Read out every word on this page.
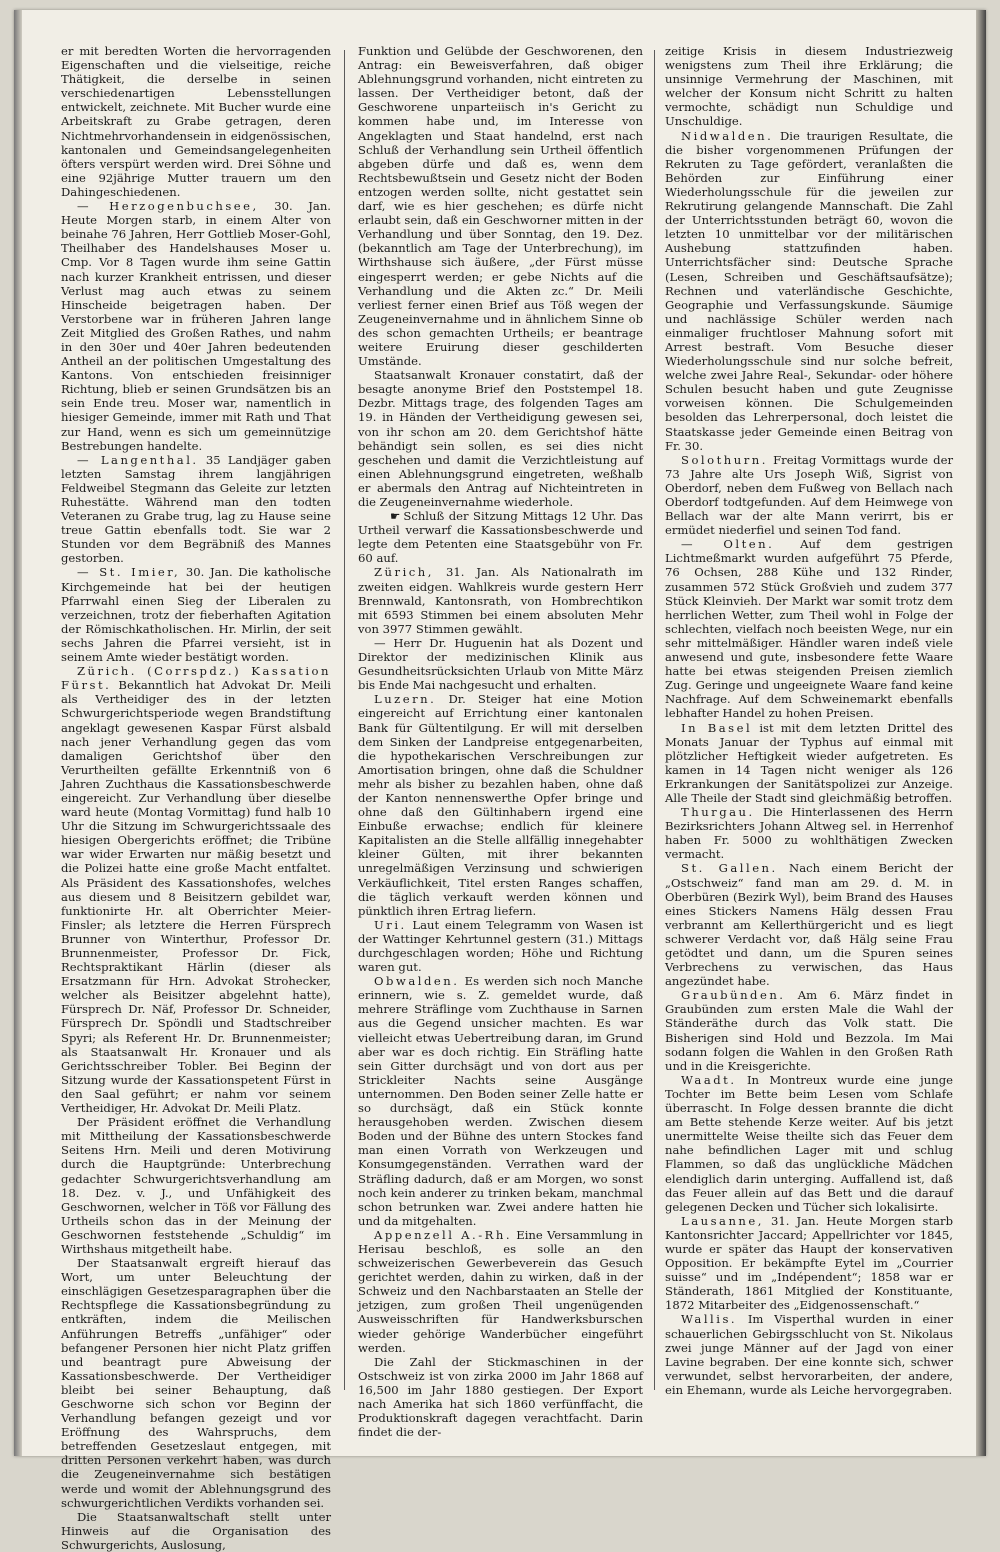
er mit beredten Worten die hervorragenden Eigenschaften und die vielseitige, reiche Thätigkeit, die derselbe in seinen verschiedenartigen Lebensstellungen entwickelt, zeichnete. Mit Bucher wurde eine Arbeitskraft zu Grabe getragen, deren Nichtmehrvorhandensein in eidgenössischen, kantonalen und Gemeindsangelegenheiten öfters verspürt werden wird. Drei Söhne und eine 92jährige Mutter trauern um den Dahingeschiedenen.

— Herzogenbuchsee, 30. Jan. Heute Morgen starb, in einem Alter von beinahe 76 Jahren, Herr Gottlieb Moser-Gohl, Theilhaber des Handelshauses Moser u. Cmp. Vor 8 Tagen wurde ihm seine Gattin nach kurzer Krankheit entrissen, und dieser Verlust mag auch etwas zu seinem Hinscheide beigetragen haben. Der Verstorbene war in früheren Jahren lange Zeit Mitglied des Großen Rathes, und nahm in den 30er und 40er Jahren bedeutenden Antheil an der politischen Umgestaltung des Kantons. Von entschieden freisinniger Richtung, blieb er seinen Grundsätzen bis an sein Ende treu. Moser war, namentlich in hiesiger Gemeinde, immer mit Rath und That zur Hand, wenn es sich um gemeinnützige Bestrebungen handelte.

— Langenthal. 35 Landjäger gaben letzten Samstag ihrem langjährigen Feldweibel Stegmann das Geleite zur letzten Ruhestätte. Während man den todten Veteranen zu Grabe trug, lag zu Hause seine treue Gattin ebenfalls todt. Sie war 2 Stunden vor dem Begräbniß des Mannes gestorben.

— St. Imier, 30. Jan. Die katholische Kirchgemeinde hat bei der heutigen Pfarrwahl einen Sieg der Liberalen zu verzeichnen, trotz der fieberhaften Agitation der Römischkatholischen. Hr. Mirlin, der seit sechs Jahren die Pfarrei versieht, ist in seinem Amte wieder bestätigt worden.

Zürich. (Corrspdz.) Kassation Fürst. Bekanntlich hat Advokat Dr. Meili als Vertheidiger des in der letzten Schwurgerichtsperiode wegen Brandstiftung angeklagt gewesenen Kaspar Fürst alsbald nach jener Verhandlung gegen das vom damaligen Gerichtshof über den Verurtheilten gefällte Erkenntniß von 6 Jahren Zuchthaus die Kassationsbeschwerde eingereicht. Zur Verhandlung über dieselbe ward heute (Montag Vormittag) fund halb 10 Uhr die Sitzung im Schwurgerichtssaale des hiesigen Obergerichts eröffnet; die Tribüne war wider Erwarten nur mäßig besetzt und die Polizei hatte eine große Macht entfaltet. Als Präsident des Kassationshofes, welches aus diesem und 8 Beisitzern gebildet war, funktionirte Hr. alt Oberrichter Meier-Finsler; als letztere die Herren Fürsprech Brunner von Winterthur, Professor Dr. Brunnenmeister, Professor Dr. Fick, Rechtspraktikant Härlin (dieser als Ersatzmann für Hrn. Advokat Strohecker, welcher als Beisitzer abgelehnt hatte), Fürsprech Dr. Näf, Professor Dr. Schneider, Fürsprech Dr. Spöndli und Stadtschreiber Spyri; als Referent Hr. Dr. Brunnenmeister; als Staatsanwalt Hr. Kronauer und als Gerichtsschreiber Tobler. Bei Beginn der Sitzung wurde der Kassationspetent Fürst in den Saal geführt; er nahm vor seinem Vertheidiger, Hr. Advokat Dr. Meili Platz.

Der Präsident eröffnet die Verhandlung mit Mittheilung der Kassationsbeschwerde Seitens Hrn. Meili und deren Motivirung durch die Hauptgründe: Unterbrechung gedachter Schwurgerichtsverhandlung am 18. Dez. v. J., und Unfähigkeit des Geschwornen, welcher in Töß vor Fällung des Urtheils schon das in der Meinung der Geschwornen feststehende „Schuldig“ im Wirthshaus mitgetheilt habe.

Der Staatsanwalt ergreift hierauf das Wort, um unter Beleuchtung der einschlägigen Gesetzesparagraphen über die Rechtspflege die Kassationsbegründung zu entkräften, indem die Meilischen Anführungen Betreffs „unfähiger“ oder befangener Personen hier nicht Platz griffen und beantragt pure Abweisung der Kassationsbeschwerde. Der Vertheidiger bleibt bei seiner Behauptung, daß Geschworne sich schon vor Beginn der Verhandlung befangen gezeigt und vor Eröffnung des Wahrspruchs, dem betreffenden Gesetzeslaut entgegen, mit dritten Personen verkehrt haben, was durch die Zeugeneinvernahme sich bestätigen werde und womit der Ablehnungsgrund des schwurgerichtlichen Verdikts vorhanden sei.

Die Staatsanwaltschaft stellt unter Hinweis auf die Organisation des Schwurgerichts, Auslosung,

Funktion und Gelübde der Geschworenen, den Antrag: ein Beweisverfahren, daß obiger Ablehnungsgrund vorhanden, nicht eintreten zu lassen. Der Vertheidiger betont, daß der Geschworene unparteiisch in's Gericht zu kommen habe und, im Interesse von Angeklagten und Staat handelnd, erst nach Schluß der Verhandlung sein Urtheil öffentlich abgeben dürfe und daß es, wenn dem Rechtsbewußtsein und Gesetz nicht der Boden entzogen werden sollte, nicht gestattet sein darf, wie es hier geschehen; es dürfe nicht erlaubt sein, daß ein Geschworner mitten in der Verhandlung und über Sonntag, den 19. Dez. (bekanntlich am Tage der Unterbrechung), im Wirthshause sich äußere, „der Fürst müsse eingesperrt werden; er gebe Nichts auf die Verhandlung und die Akten zc.“ Dr. Meili verliest ferner einen Brief aus Töß wegen der Zeugeneinvernahme und in ähnlichem Sinne ob des schon gemachten Urtheils; er beantrage weitere Eruirung dieser geschilderten Umstände.

Staatsanwalt Kronauer constatirt, daß der besagte anonyme Brief den Poststempel 18. Dezbr. Mittags trage, des folgenden Tages am 19. in Händen der Vertheidigung gewesen sei, von ihr schon am 20. dem Gerichtshof hätte behändigt sein sollen, es sei dies nicht geschehen und damit die Verzichtleistung auf einen Ablehnungsgrund eingetreten, weßhalb er abermals den Antrag auf Nichteintreten in die Zeugeneinvernahme wiederhole.

☛ Schluß der Sitzung Mittags 12 Uhr. Das Urtheil verwarf die Kassationsbeschwerde und legte dem Petenten eine Staatsgebühr von Fr. 60 auf.

Zürich, 31. Jan. Als Nationalrath im zweiten eidgen. Wahlkreis wurde gestern Herr Brennwald, Kantonsrath, von Hombrechtikon mit 6593 Stimmen bei einem absoluten Mehr von 3977 Stimmen gewählt.

— Herr Dr. Huguenin hat als Dozent und Direktor der medizinischen Klinik aus Gesundheitsrücksichten Urlaub von Mitte März bis Ende Mai nachgesucht und erhalten.

Luzern. Dr. Steiger hat eine Motion eingereicht auf Errichtung einer kantonalen Bank für Gültentilgung. Er will mit derselben dem Sinken der Landpreise entgegenarbeiten, die hypothekarischen Verschreibungen zur Amortisation bringen, ohne daß die Schuldner mehr als bisher zu bezahlen haben, ohne daß der Kanton nennenswerthe Opfer bringe und ohne daß den Gültinhabern irgend eine Einbuße erwachse; endlich für kleinere Kapitalisten an die Stelle allfällig innegehabter kleiner Gülten, mit ihrer bekannten unregelmäßigen Verzinsung und schwierigen Verkäuflichkeit, Titel ersten Ranges schaffen, die täglich verkauft werden können und pünktlich ihren Ertrag liefern.

Uri. Laut einem Telegramm von Wasen ist der Wattinger Kehrtunnel gestern (31.) Mittags durchgeschlagen worden; Höhe und Richtung waren gut.

Obwalden. Es werden sich noch Manche erinnern, wie s. Z. gemeldet wurde, daß mehrere Sträflinge vom Zuchthause in Sarnen aus die Gegend unsicher machten. Es war vielleicht etwas Uebertreibung daran, im Grund aber war es doch richtig. Ein Sträfling hatte sein Gitter durchsägt und von dort aus per Strickleiter Nachts seine Ausgänge unternommen. Den Boden seiner Zelle hatte er so durchsägt, daß ein Stück konnte herausgehoben werden. Zwischen diesem Boden und der Bühne des untern Stockes fand man einen Vorrath von Werkzeugen und Konsumgegenständen. Verrathen ward der Sträfling dadurch, daß er am Morgen, wo sonst noch kein anderer zu trinken bekam, manchmal schon betrunken war. Zwei andere hatten hie und da mitgehalten.

Appenzell A.-Rh. Eine Versammlung in Herisau beschloß, es solle an den schweizerischen Gewerbeverein das Gesuch gerichtet werden, dahin zu wirken, daß in der Schweiz und den Nachbarstaaten an Stelle der jetzigen, zum großen Theil ungenügenden Ausweisschriften für Handwerksburschen wieder gehörige Wanderbücher eingeführt werden.

Die Zahl der Stickmaschinen in der Ostschweiz ist von zirka 2000 im Jahr 1868 auf 16,500 im Jahr 1880 gestiegen. Der Export nach Amerika hat sich 1860 verfünffacht, die Produktionskraft dagegen verachtfacht. Darin findet die der-

zeitige Krisis in diesem Industriezweig wenigstens zum Theil ihre Erklärung; die unsinnige Vermehrung der Maschinen, mit welcher der Konsum nicht Schritt zu halten vermochte, schädigt nun Schuldige und Unschuldige.

Nidwalden. Die traurigen Resultate, die die bisher vorgenommenen Prüfungen der Rekruten zu Tage gefördert, veranlaßten die Behörden zur Einführung einer Wiederholungsschule für die jeweilen zur Rekrutirung gelangende Mannschaft. Die Zahl der Unterrichtsstunden beträgt 60, wovon die letzten 10 unmittelbar vor der militärischen Aushebung stattzufinden haben. Unterrichtsfächer sind: Deutsche Sprache (Lesen, Schreiben und Geschäftsaufsätze); Rechnen und vaterländische Geschichte, Geographie und Verfassungskunde. Säumige und nachlässige Schüler werden nach einmaliger fruchtloser Mahnung sofort mit Arrest bestraft. Vom Besuche dieser Wiederholungsschule sind nur solche befreit, welche zwei Jahre Real-, Sekundar- oder höhere Schulen besucht haben und gute Zeugnisse vorweisen können. Die Schulgemeinden besolden das Lehrerpersonal, doch leistet die Staatskasse jeder Gemeinde einen Beitrag von Fr. 30.

Solothurn. Freitag Vormittags wurde der 73 Jahre alte Urs Joseph Wiß, Sigrist von Oberdorf, neben dem Fußweg von Bellach nach Oberdorf todtgefunden. Auf dem Heimwege von Bellach war der alte Mann verirrt, bis er ermüdet niederfiel und seinen Tod fand.

— Olten. Auf dem gestrigen Lichtmeßmarkt wurden aufgeführt 75 Pferde, 76 Ochsen, 288 Kühe und 132 Rinder, zusammen 572 Stück Großvieh und zudem 377 Stück Kleinvieh. Der Markt war somit trotz dem herrlichen Wetter, zum Theil wohl in Folge der schlechten, vielfach noch beeisten Wege, nur ein sehr mittelmäßiger. Händler waren indeß viele anwesend und gute, insbesondere fette Waare hatte bei etwas steigenden Preisen ziemlich Zug. Geringe und ungeeignete Waare fand keine Nachfrage. Auf dem Schweinemarkt ebenfalls lebhafter Handel zu hohen Preisen.

In Basel ist mit dem letzten Drittel des Monats Januar der Typhus auf einmal mit plötzlicher Heftigkeit wieder aufgetreten. Es kamen in 14 Tagen nicht weniger als 126 Erkrankungen der Sanitätspolizei zur Anzeige. Alle Theile der Stadt sind gleichmäßig betroffen.

Thurgau. Die Hinterlassenen des Herrn Bezirksrichters Johann Altweg sel. in Herrenhof haben Fr. 5000 zu wohlthätigen Zwecken vermacht.

St. Gallen. Nach einem Bericht der „Ostschweiz“ fand man am 29. d. M. in Oberbüren (Bezirk Wyl), beim Brand des Hauses eines Stickers Namens Hälg dessen Frau verbrannt am Kellerthürgericht und es liegt schwerer Verdacht vor, daß Hälg seine Frau getödtet und dann, um die Spuren seines Verbrechens zu verwischen, das Haus angezündet habe.

Graubünden. Am 6. März findet in Graubünden zum ersten Male die Wahl der Ständeräthe durch das Volk statt. Die Bisherigen sind Hold und Bezzola. Im Mai sodann folgen die Wahlen in den Großen Rath und in die Kreisgerichte.

Waadt. In Montreux wurde eine junge Tochter im Bette beim Lesen vom Schlafe überrascht. In Folge dessen brannte die dicht am Bette stehende Kerze weiter. Auf bis jetzt unermittelte Weise theilte sich das Feuer dem nahe befindlichen Lager mit und schlug Flammen, so daß das unglückliche Mädchen elendiglich darin unterging. Auffallend ist, daß das Feuer allein auf das Bett und die darauf gelegenen Decken und Tücher sich lokalisirte.

Lausanne, 31. Jan. Heute Morgen starb Kantonsrichter Jaccard; Appellrichter vor 1845, wurde er später das Haupt der konservativen Opposition. Er bekämpfte Eytel im „Courrier suisse“ und im „Indépendent“; 1858 war er Ständerath, 1861 Mitglied der Konstituante, 1872 Mitarbeiter des „Eidgenossenschaft.“

Wallis. Im Visperthal wurden in einer schauerlichen Gebirgsschlucht von St. Nikolaus zwei junge Männer auf der Jagd von einer Lavine begraben. Der eine konnte sich, schwer verwundet, selbst hervorarbeiten, der andere, ein Ehemann, wurde als Leiche hervorgegraben.
